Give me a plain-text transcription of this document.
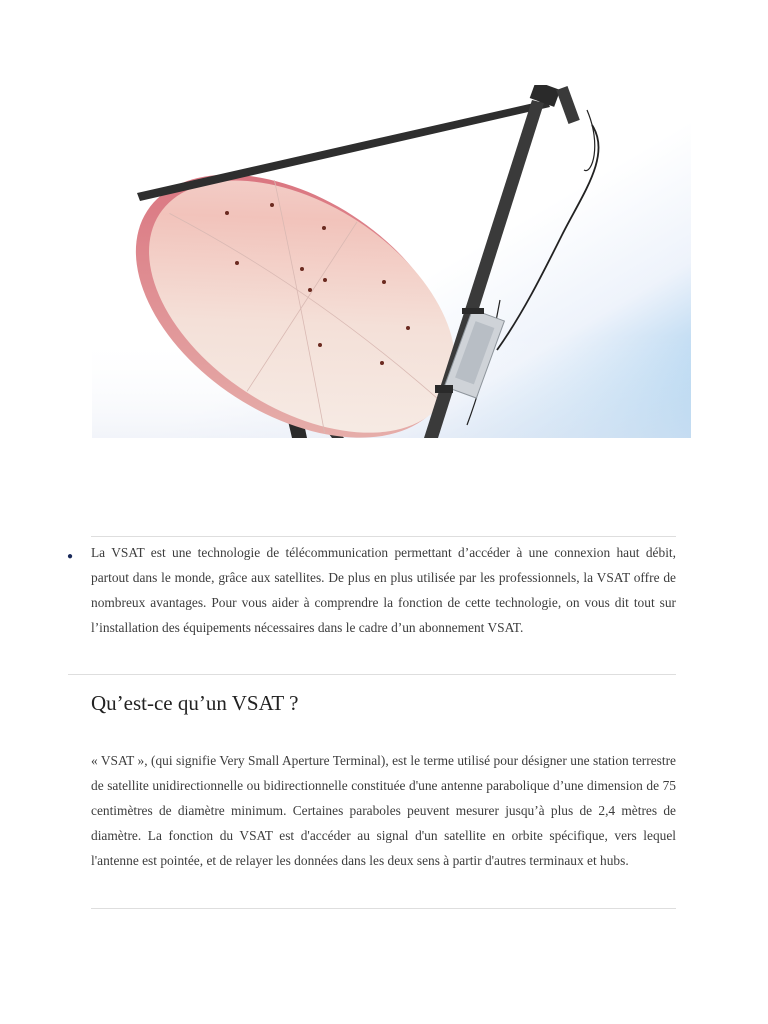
● La VSAT est une technologie de télécommunication permettant d’accéder à une connexion haut débit, partout dans le monde, grâce aux satellites. De plus en plus utilisée par les professionnels, la VSAT offre de nombreux avantages. Pour vous aider à comprendre la fonction de cette technologie, on vous dit tout sur l’installation des équipements nécessaires dans le cadre d’un abonnement VSAT.

Qu’est-ce qu’un VSAT ?

« VSAT », (qui signifie Very Small Aperture Terminal), est le terme utilisé pour désigner une station terrestre de satellite unidirectionnelle ou bidirectionnelle constituée d'une antenne parabolique d’une dimension de 75 centimètres de diamètre minimum. Certaines paraboles peuvent mesurer jusqu’à plus de 2,4 mètres de diamètre. La fonction du VSAT est d'accéder au signal d'un satellite en orbite spécifique, vers lequel l'antenne est pointée, et de relayer les données dans les deux sens à partir d'autres terminaux et hubs.
